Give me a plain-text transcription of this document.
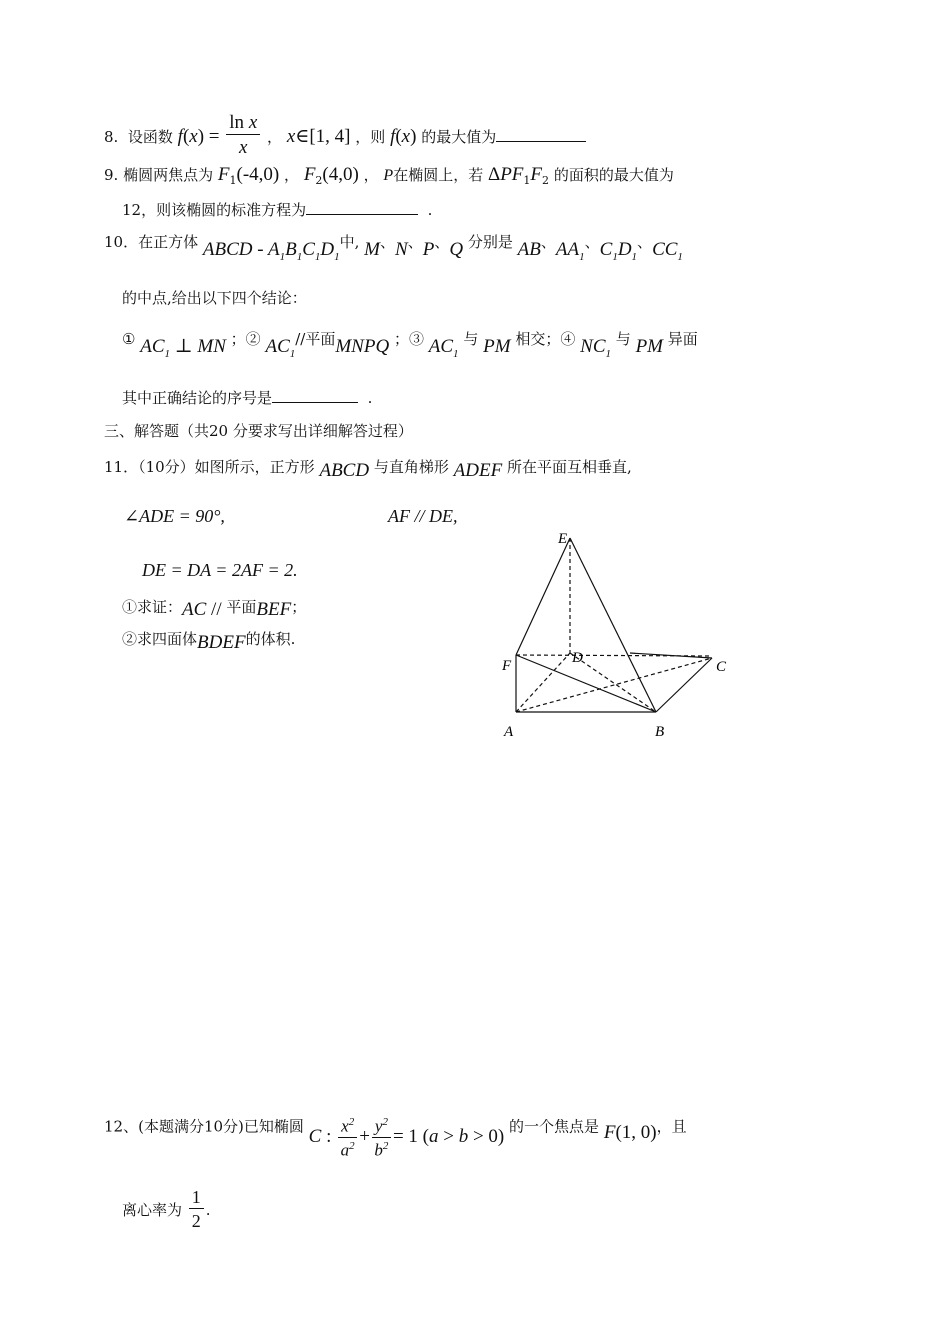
8. 设函数 $f(x) = \frac{\text{ln x}}{x}$ ， x∈[1, 4] ，则 f(x) 的最大值为
9. 椭圆两焦点为 $F_1(-4,0)$ ， $F_2(4,0)$ ， P在椭圆上，若 $\Delta PF_1F_2$ 的面积的最大值为
12，则该椭圆的标准方程为	.
10．在正方体 ABCD - $A_1B_1C_1D_1$中, M、N、P、Q 分别是 AB、$AA_1$、$C_1D_1$、$CC_1$
的中点,给出以下四个结论：
① $AC_1$ ⊥ MN ；② $AC_1//$平面MNPQ ；③ $AC_1$ 与 PM 相交；④ $NC_1$ 与 PM 异面
其中正确结论的序号是	.
三、解答题（共20 分要求写出详细解答过程）
11．（10分）如图所示，正方形 ABCD 与直角梯形 ADEF 所在平面互相垂直,
∠ADE = 90°,	AF // DE,
DE = DA = 2AF = 2.
①求证：AC // 平面BEF；
②求四面体BDEF的体积.
E
D
F	C
A	B
12、(本题满分10分)已知椭圆 C : $\frac{x^2}{a^2} + \frac{y^2}{b^2} = 1$ (a > b > 0) 的一个焦点是 F(1, 0)，且
离心率为 $\frac{1}{2}$ .
